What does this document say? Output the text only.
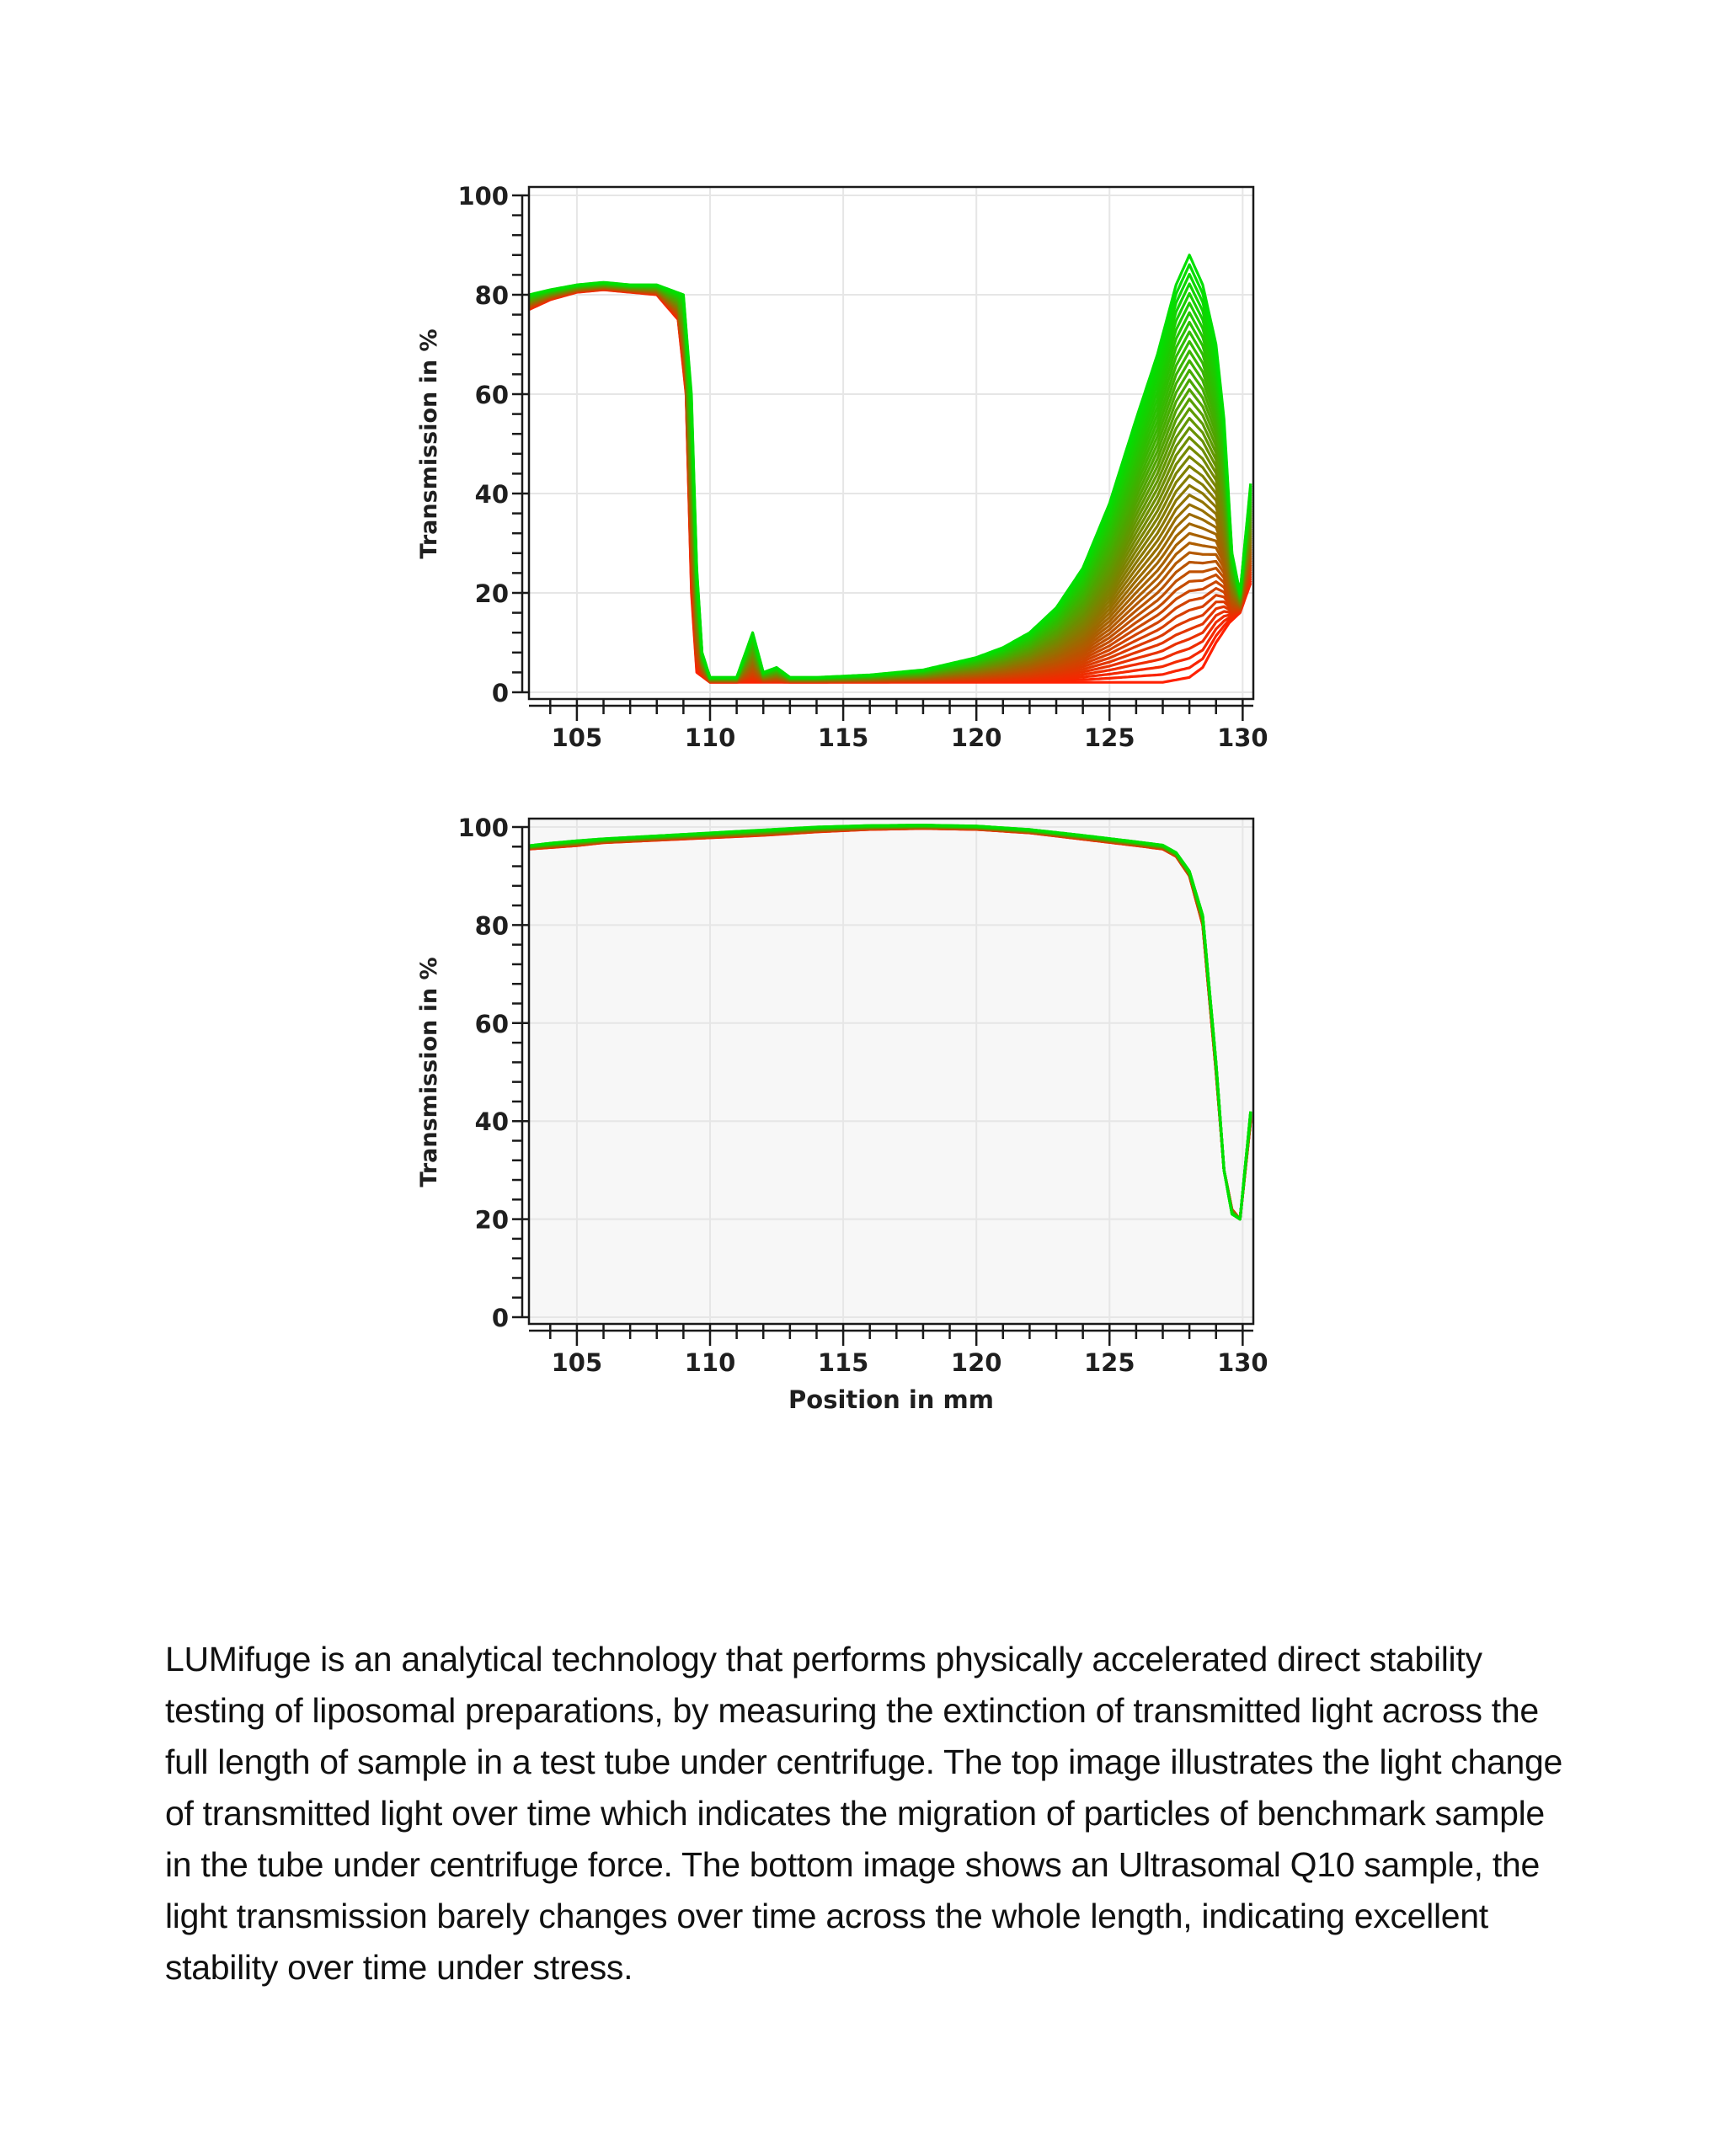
0
20
40
60
80
100
105	110	115	120	125	130
Transmission in %
0
20
40
60
80
100
105	110	115	120	125	130
Transmission in %
Position in mm

LUMifuge is an analytical technology that performs physically accelerated direct stability testing of liposomal preparations, by measuring the extinction of transmitted light across the full length of sample in a test tube under centrifuge. The top image illustrates the light change of transmitted light over time which indicates the migration of particles of benchmark sample in the tube under centrifuge force. The bottom image shows an Ultrasomal Q10 sample, the light transmission barely changes over time across the whole length, indicating excellent stability over time under stress.
